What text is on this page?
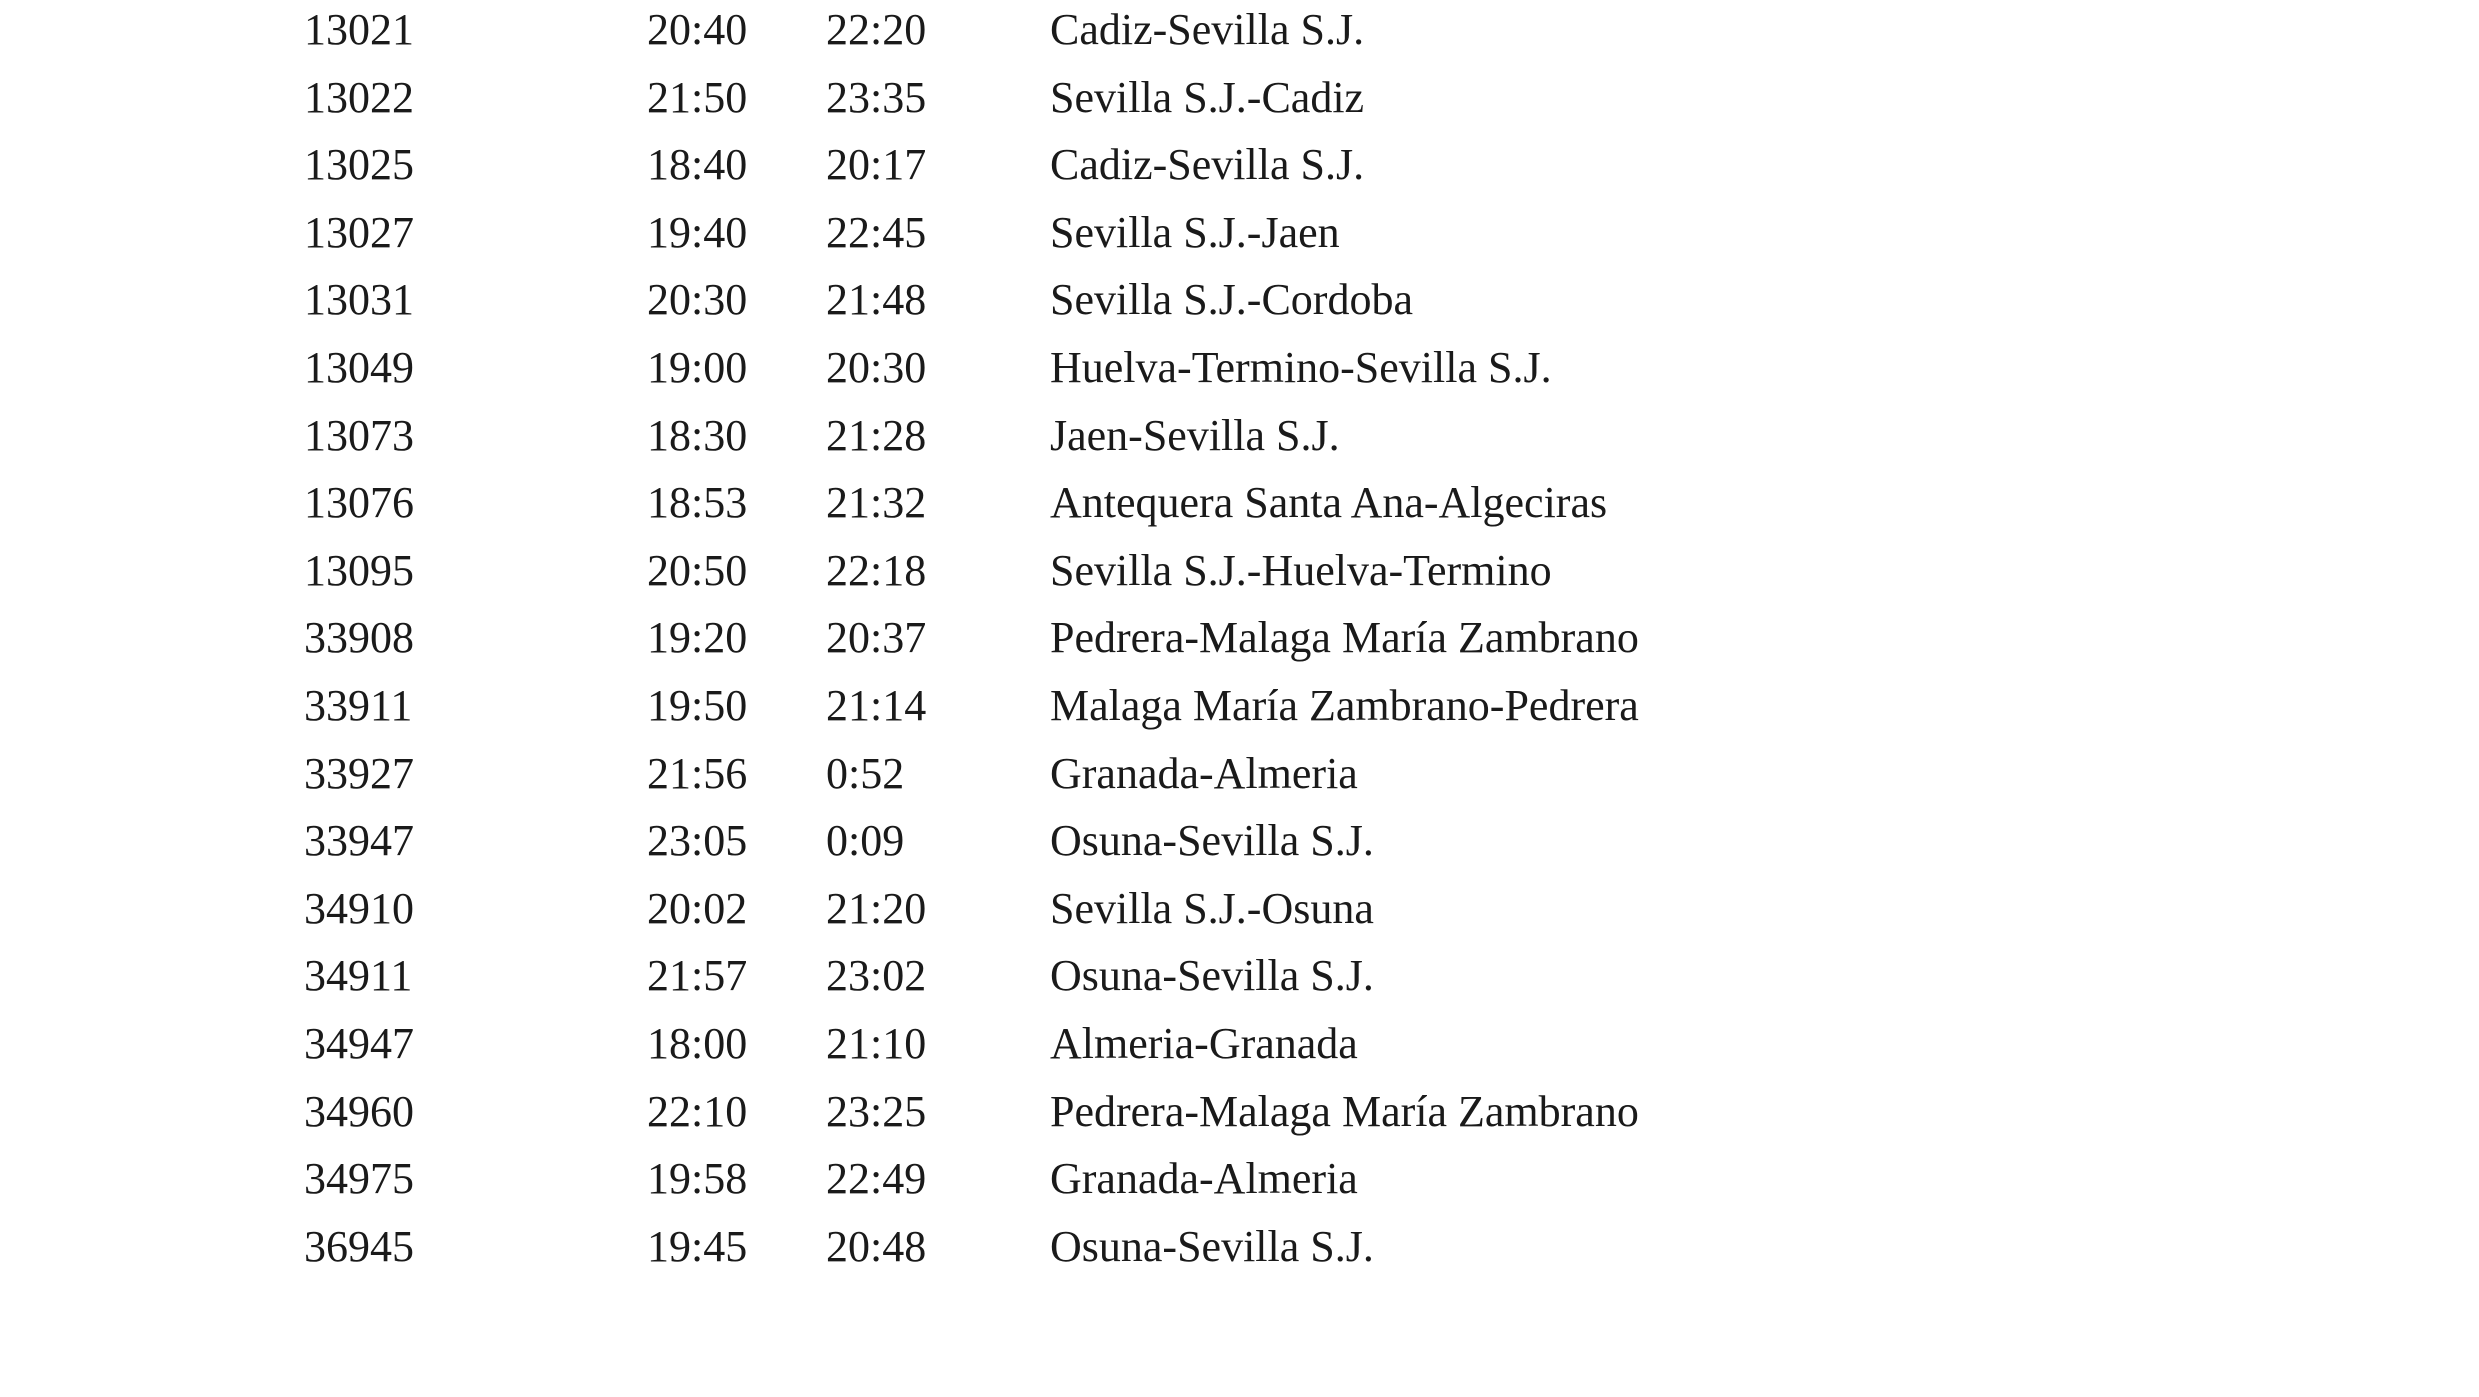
13021	20:40 22:20	Cadiz-Sevilla S.J.
13022	21:50 23:35	Sevilla S.J.-Cadiz
13025	18:40 20:17	Cadiz-Sevilla S.J.
13027	19:40 22:45	Sevilla S.J.-Jaen
13031	20:30 21:48	Sevilla S.J.-Cordoba
13049	19:00 20:30	Huelva-Termino-Sevilla S.J.
13073	18:30 21:28	Jaen-Sevilla S.J.
13076	18:53 21:32	Antequera Santa Ana-Algeciras
13095	20:50 22:18	Sevilla S.J.-Huelva-Termino
33908	19:20 20:37	Pedrera-Malaga María Zambrano
33911	19:50 21:14	Malaga María Zambrano-Pedrera
33927	21:56 0:52	Granada-Almeria
33947	23:05 0:09	Osuna-Sevilla S.J.
34910	20:02 21:20	Sevilla S.J.-Osuna
34911	21:57 23:02	Osuna-Sevilla S.J.
34947	18:00 21:10	Almeria-Granada
34960	22:10 23:25	Pedrera-Malaga María Zambrano
34975	19:58 22:49	Granada-Almeria
36945	19:45 20:48	Osuna-Sevilla S.J.
